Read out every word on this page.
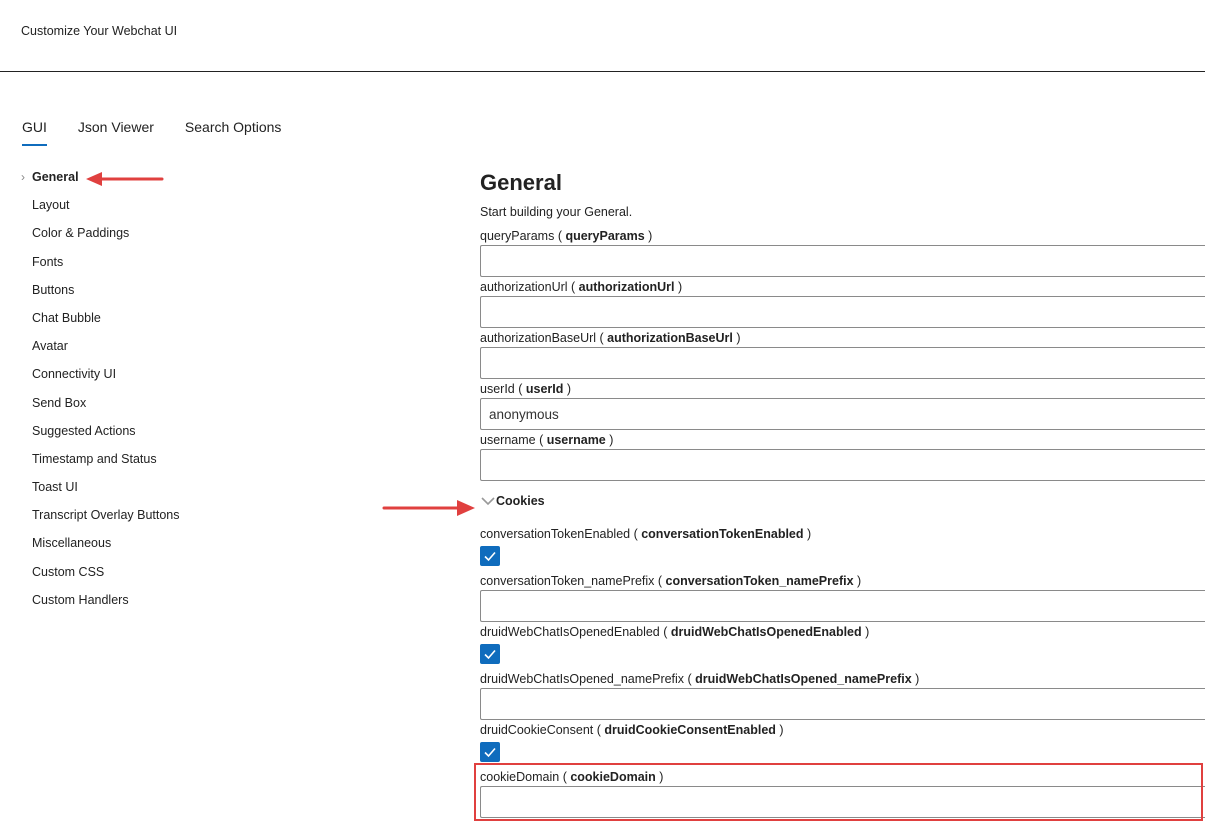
Customize Your Webchat UI
GUI Json Viewer Search Options
› General
Layout
Color & Paddings
Fonts
Buttons
Chat Bubble
Avatar
Connectivity UI
Send Box
Suggested Actions
Timestamp and Status
Toast UI
Transcript Overlay Buttons
Miscellaneous
Custom CSS
Custom Handlers
General
Start building your General.
queryParams ( queryParams )
authorizationUrl ( authorizationUrl )
authorizationBaseUrl ( authorizationBaseUrl )
userId ( userId )
anonymous
username ( username )
Cookies
conversationTokenEnabled ( conversationTokenEnabled )
conversationToken_namePrefix ( conversationToken_namePrefix )
druidWebChatIsOpenedEnabled ( druidWebChatIsOpenedEnabled )
druidWebChatIsOpened_namePrefix ( druidWebChatIsOpened_namePrefix )
druidCookieConsent ( druidCookieConsentEnabled )
cookieDomain ( cookieDomain )
